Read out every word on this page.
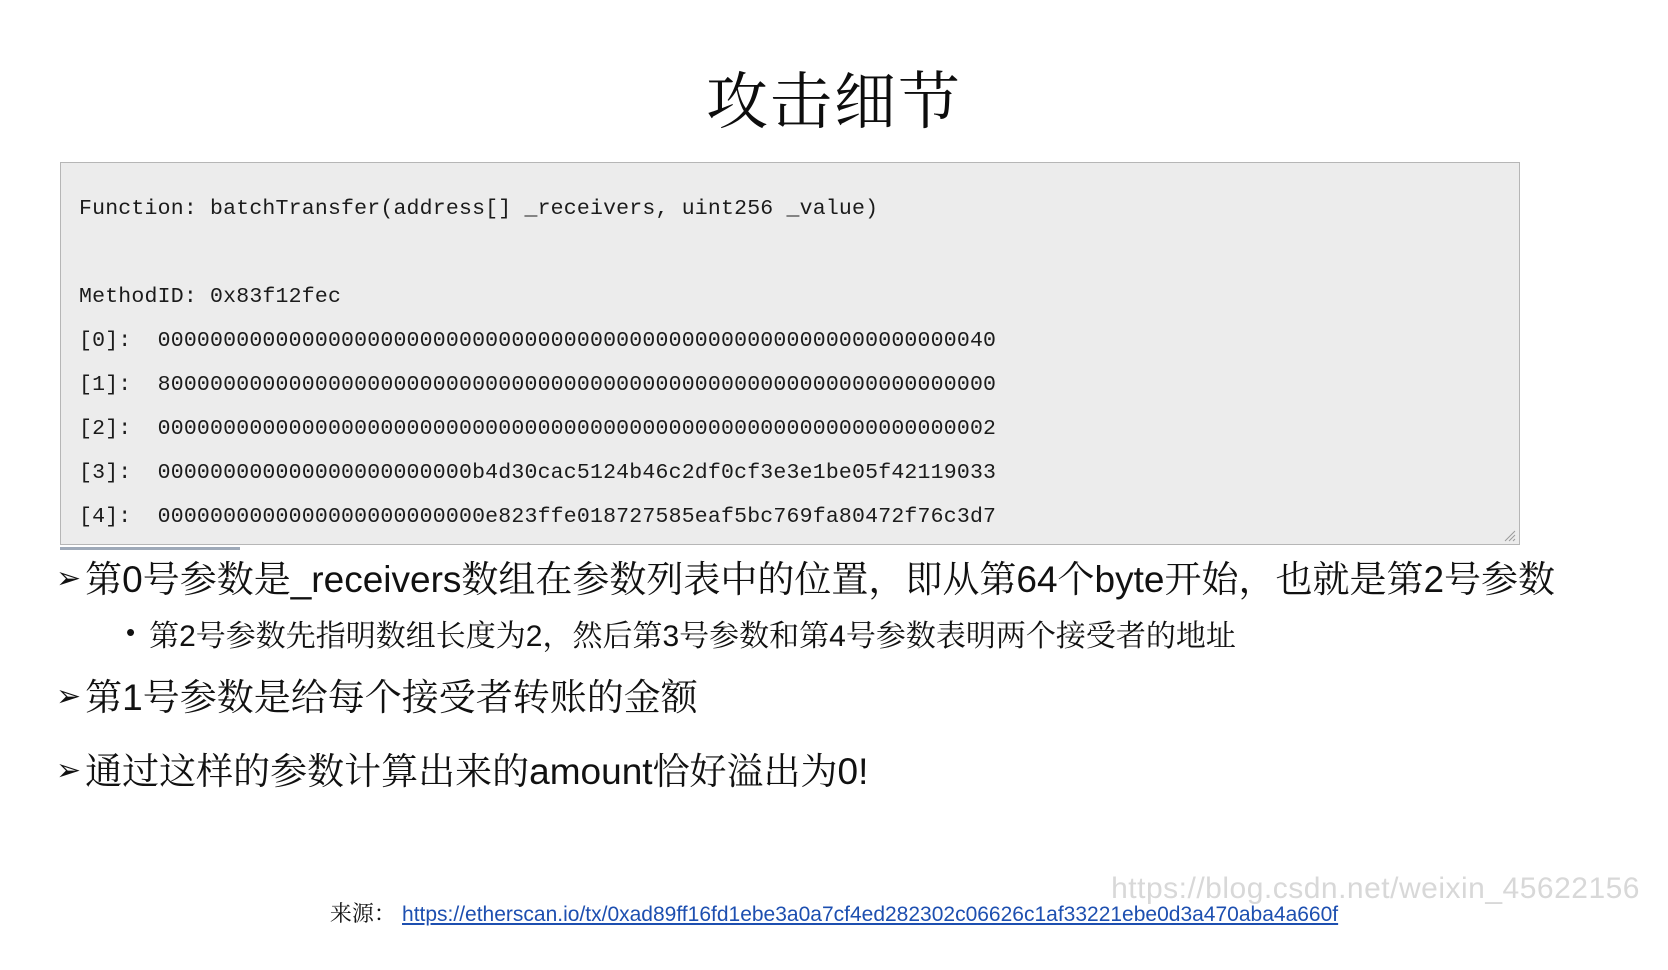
攻击细节
Function: batchTransfer(address[] _receivers, uint256 _value)
MethodID: 0x83f12fec
[0]:  0000000000000000000000000000000000000000000000000000000000000040
[1]:  8000000000000000000000000000000000000000000000000000000000000000
[2]:  0000000000000000000000000000000000000000000000000000000000000002
[3]:  000000000000000000000000b4d30cac5124b46c2df0cf3e3e1be05f42119033
[4]:  0000000000000000000000000e823ffe018727585eaf5bc769fa80472f76c3d7
➢ 第0号参数是_receivers数组在参数列表中的位置，即从第64个byte开始，也就是第2号参数
• 第2号参数先指明数组长度为2，然后第3号参数和第4号参数表明两个接受者的地址
➢ 第1号参数是给每个接受者转账的金额
➢ 通过这样的参数计算出来的amount恰好溢出为0!
https://blog.csdn.net/weixin_45622156
来源： https://etherscan.io/tx/0xad89ff16fd1ebe3a0a7cf4ed282302c06626c1af33221ebe0d3a470aba4a660f
